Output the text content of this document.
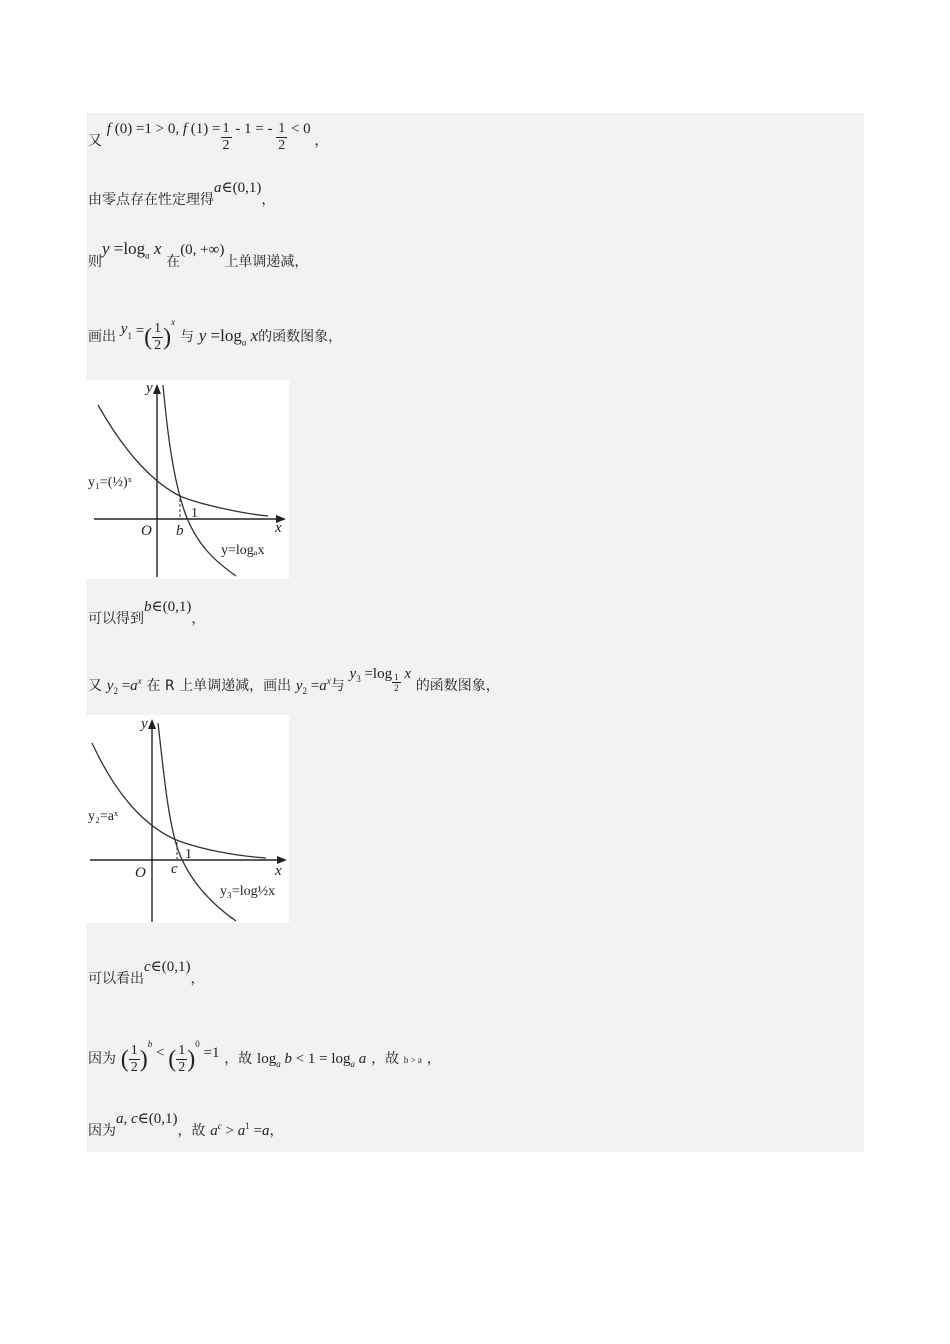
又 f (0) =1 > 0, f $(1) = \frac{1}{2} - 1$ = - $\frac{1}{2} < 0$ ，
由零点存在性定理得a∈(0,1)，
则$y =\log_a$ x 在(0, +∞)上单调递减，
画出 $y_1$ =( $\frac{1}{2} )^x$ 与 $y =\log_a$ x的函数图象，
y
x
O b
1
y₁=(½)ˣ
y=logₐx
可以得到b∈(0,1)，
又 $y_2 =a^x$ 在 R 上单调递减，画出 $y_2 =a^x$与 $y_3 =\log \frac{1}{2}$ x 的函数图象，
y
x
O c
1
y₂=aˣ
y₃=log½x
可以看出c∈(0,1)，
因为 ( $\frac{1}{2} )^b$ < ( $\frac{1}{2} )^0 =1$ ，故 $\log_a b < 1 = \log_a a$ ，故 b > a ，
因为a, c∈(0,1)，故 $a^c > a^1 =a$，
